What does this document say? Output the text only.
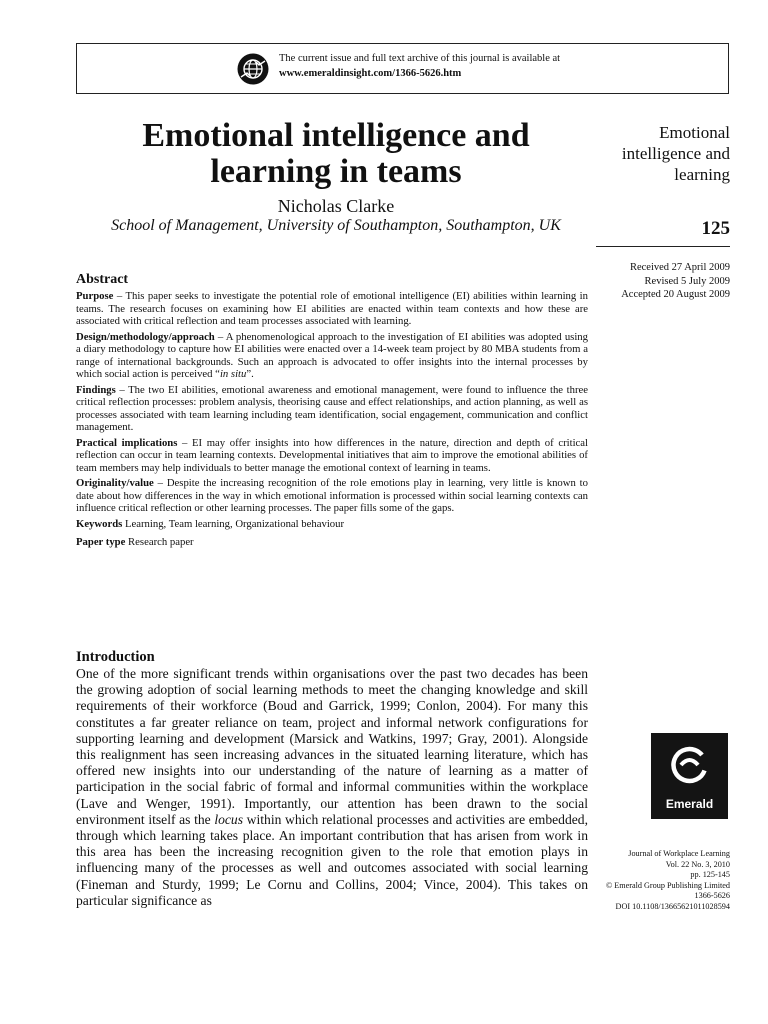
The current issue and full text archive of this journal is available at
www.emeraldinsight.com/1366-5626.htm
Emotional intelligence and
learning in teams
Nicholas Clarke
School of Management, University of Southampton, Southampton, UK
Emotional
intelligence and
learning
125
Received 27 April 2009
Revised 5 July 2009
Accepted 20 August 2009
Abstract

Purpose – This paper seeks to investigate the potential role of emotional intelligence (EI) abilities within learning in teams. The research focuses on examining how EI abilities are enacted within team contexts and how these are associated with critical reflection and team processes associated with learning.

Design/methodology/approach – A phenomenological approach to the investigation of EI abilities was adopted using a diary methodology to capture how EI abilities were enacted over a 14-week team project by 80 MBA students from a range of international backgrounds. Such an approach is advocated to offer insights into the internal processes by which social action is perceived “in situ”.

Findings – The two EI abilities, emotional awareness and emotional management, were found to influence the three critical reflection processes: problem analysis, theorising cause and effect relationships, and action planning, as well as processes associated with team learning including team identification, social engagement, communication and conflict management.

Practical implications – EI may offer insights into how differences in the nature, direction and depth of critical reflection can occur in team learning contexts. Developmental initiatives that aim to improve the emotional abilities of team members may help individuals to better manage the emotional context of learning in teams.

Originality/value – Despite the increasing recognition of the role emotions play in learning, very little is known to date about how differences in the way in which emotional information is processed within social learning contexts can influence critical reflection or other learning processes. The paper fills some of the gaps.

Keywords Learning, Team learning, Organizational behaviour

Paper type Research paper

Introduction

One of the more significant trends within organisations over the past two decades has been the growing adoption of social learning methods to meet the changing knowledge and skill requirements of their workforce (Boud and Garrick, 1999; Conlon, 2004). For many this constitutes a far greater reliance on team, project and informal network configurations for supporting learning and development (Marsick and Watkins, 1997; Gray, 2001). Alongside this realignment has seen increasing advances in the situated learning literature, which has offered new insights into our understanding of the nature of learning as a matter of participation in the social fabric of formal and informal communities within the workplace (Lave and Wenger, 1991). Importantly, our attention has been drawn to the social environment itself as the locus within which relational processes and activities are embedded, through which learning takes place. An important contribution that has arisen from work in this area has been the increasing recognition given to the role that emotion plays in influencing many of the processes as well and outcomes associated with social learning (Fineman and Sturdy, 1999; Le Cornu and Collins, 2004; Vince, 2004). This takes on particular significance as

Emerald
Journal of Workplace Learning
Vol. 22 No. 3, 2010
pp. 125-145
© Emerald Group Publishing Limited
1366-5626
DOI 10.1108/13665621011028594
